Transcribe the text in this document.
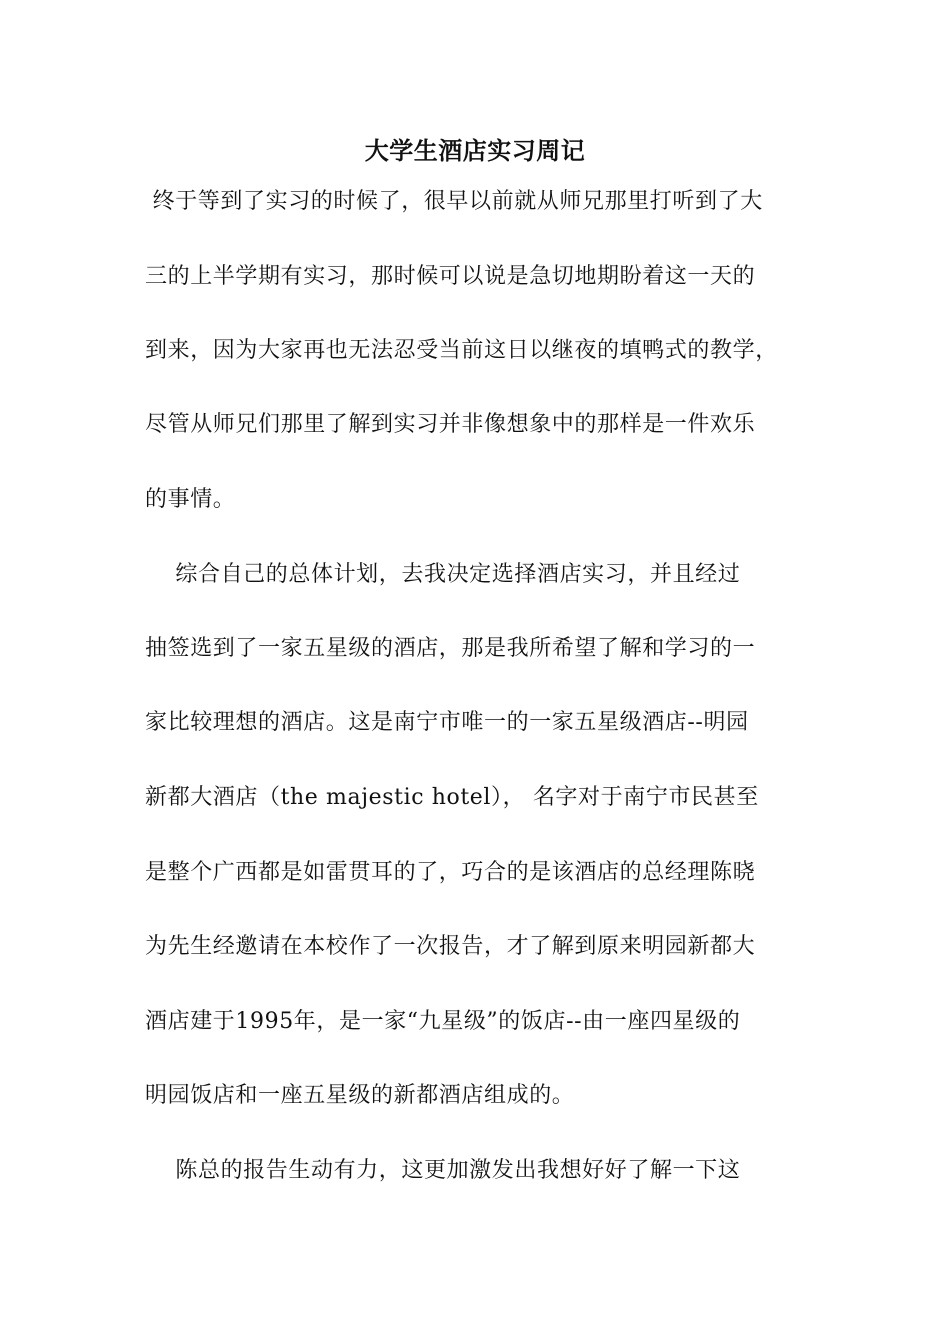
大学生酒店实习周记
终于等到了实习的时候了，很早以前就从师兄那里打听到了大
三的上半学期有实习，那时候可以说是急切地期盼着这一天的
到来，因为大家再也无法忍受当前这日以继夜的填鸭式的教学，
尽管从师兄们那里了解到实习并非像想象中的那样是一件欢乐
的事情。
综合自己的总体计划，去我决定选择酒店实习，并且经过
抽签选到了一家五星级的酒店，那是我所希望了解和学习的一
家比较理想的酒店。这是南宁市唯一的一家五星级酒店--明园
新都大酒店（the majestic hotel）， 名字对于南宁市民甚至
是整个广西都是如雷贯耳的了，巧合的是该酒店的总经理陈晓
为先生经邀请在本校作了一次报告，才了解到原来明园新都大
酒店建于1995年，是一家“九星级”的饭店--由一座四星级的
明园饭店和一座五星级的新都酒店组成的。
陈总的报告生动有力，这更加激发出我想好好了解一下这
